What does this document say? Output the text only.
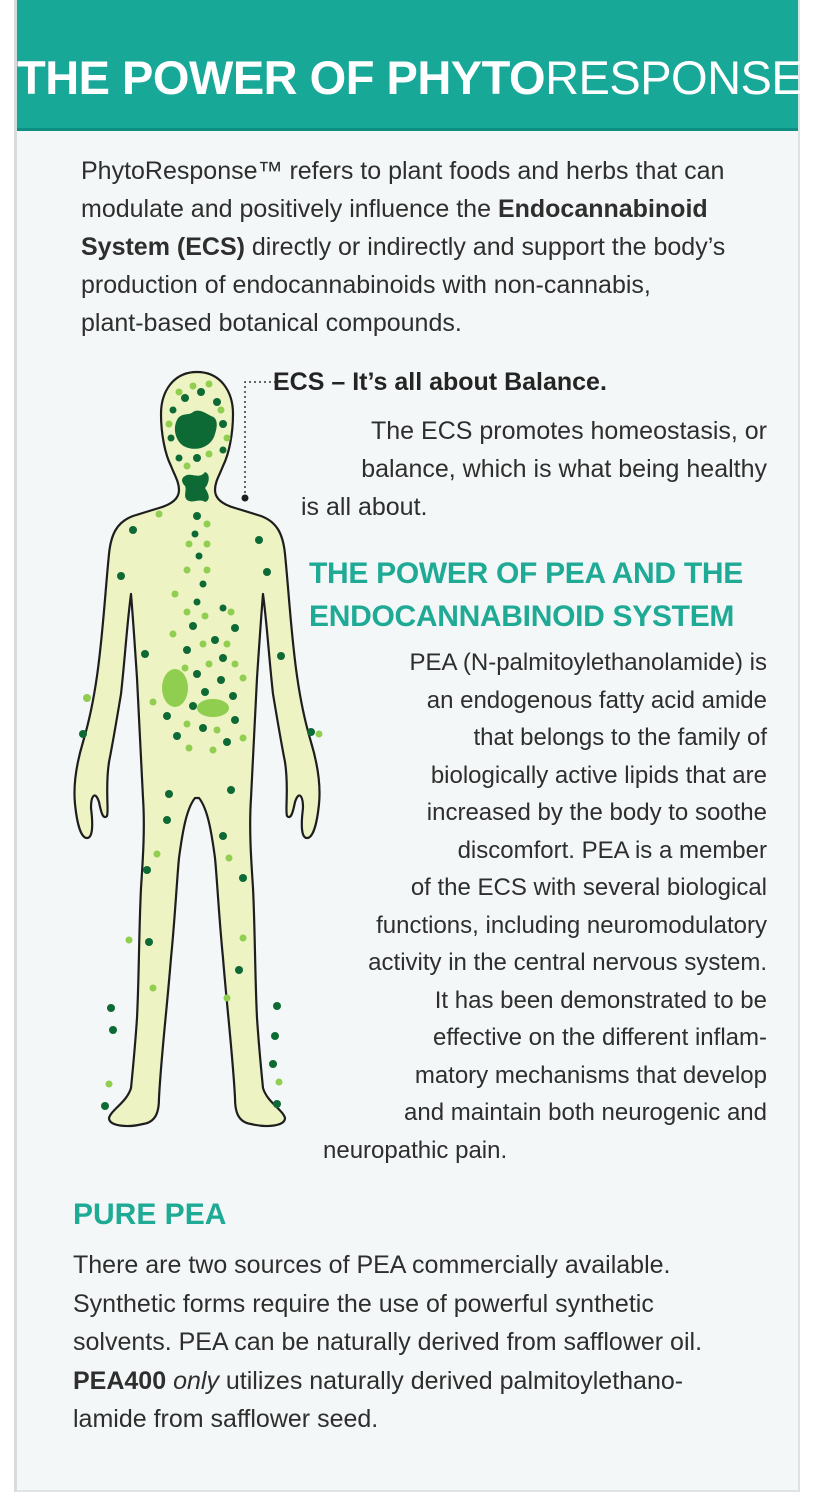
THE POWER OF PHYTORESPONSE™
PhytoResponse™ refers to plant foods and herbs that can
modulate and positively influence the Endocannabinoid
System (ECS) directly or indirectly and support the body’s
production of endocannabinoids with non-cannabis,
plant-based botanical compounds.
ECS – It’s all about Balance.
The ECS promotes homeostasis, or
balance, which is what being healthy
is all about.
THE POWER OF PEA AND THE
ENDOCANNABINOID SYSTEM
PEA (N-palmitoylethanolamide) is
an endogenous fatty acid amide
that belongs to the family of
biologically active lipids that are
increased by the body to soothe
discomfort. PEA is a member
of the ECS with several biological
functions, including neuromodulatory
activity in the central nervous system.
It has been demonstrated to be
effective on the different inflam-
matory mechanisms that develop
and maintain both neurogenic and
neuropathic pain.
PURE PEA
There are two sources of PEA commercially available.
Synthetic forms require the use of powerful synthetic
solvents. PEA can be naturally derived from safflower oil.
PEA400 only utilizes naturally derived palmitoylethano-
lamide from safflower seed.
